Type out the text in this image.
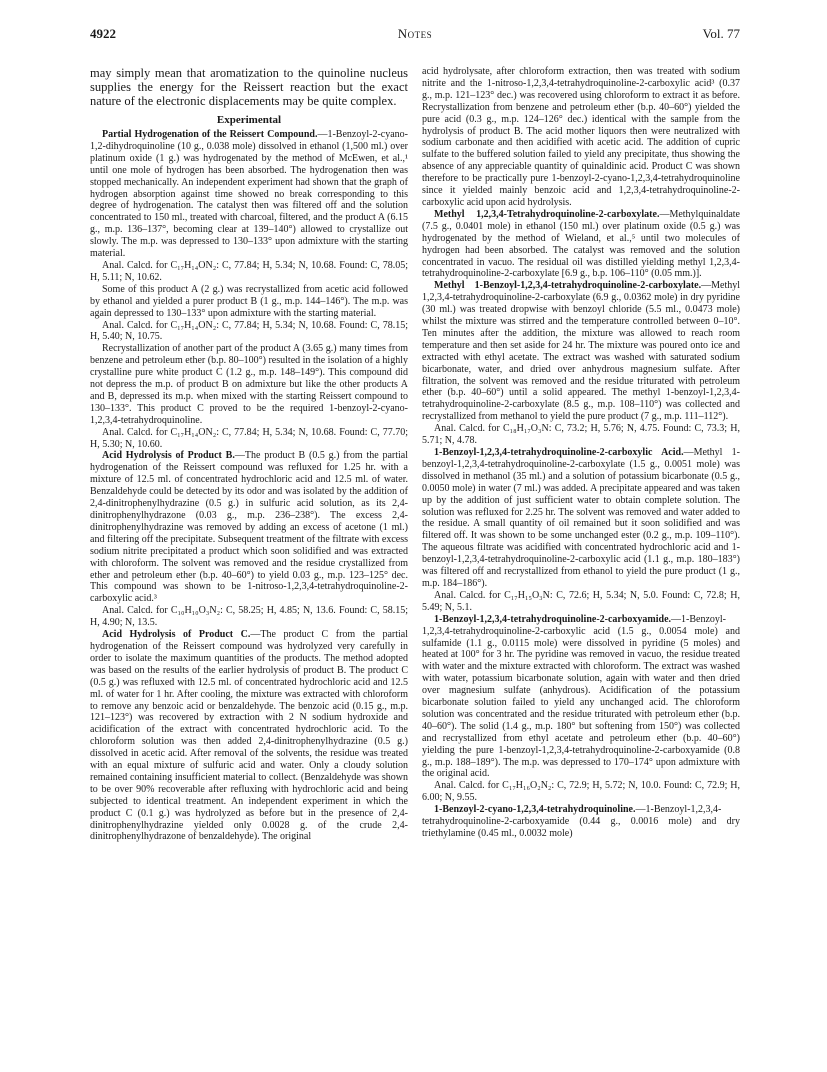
4922	Notes	Vol. 77

may simply mean that aromatization to the quinoline nucleus supplies the energy for the Reissert reaction but the exact nature of the electronic displacements may be quite complex.

Experimental

Partial Hydrogenation of the Reissert Compound.—1-Benzoyl-2-cyano-1,2-dihydroquinoline (10 g., 0.038 mole) dissolved in ethanol (1,500 ml.) over platinum oxide (1 g.) was hydrogenated by the method of McEwen, et al.,¹ until one mole of hydrogen has been absorbed. The hydrogenation then was stopped mechanically. An independent experiment had shown that the graph of hydrogen absorption against time showed no break corresponding to this degree of hydrogenation. The catalyst then was filtered off and the solution concentrated to 150 ml., treated with charcoal, filtered, and the product A (6.15 g., m.p. 136–137°, becoming clear at 139–140°) allowed to crystallize out slowly. The m.p. was depressed to 130–133° upon admixture with the starting material.

Anal. Calcd. for C₁₇H₁₄ON₂: C, 77.84; H, 5.34; N, 10.68. Found: C, 78.05; H, 5.11; N, 10.62.

Some of this product A (2 g.) was recrystallized from acetic acid followed by ethanol and yielded a purer product B (1 g., m.p. 144–146°). The m.p. was again depressed to 130–133° upon admixture with the starting material.

Anal. Calcd. for C₁₇H₁₄ON₂: C, 77.84; H, 5.34; N, 10.68. Found: C, 78.15; H, 5.40; N, 10.75.

Recrystallization of another part of the product A (3.65 g.) many times from benzene and petroleum ether (b.p. 80–100°) resulted in the isolation of a highly crystalline pure white product C (1.2 g., m.p. 148–149°). This compound did not depress the m.p. of product B on admixture but like the other products A and B, depressed its m.p. when mixed with the starting Reissert compound to 130–133°. This product C proved to be the required 1-benzoyl-2-cyano-1,2,3,4-tetrahydroquinoline.

Anal. Calcd. for C₁₇H₁₄ON₂: C, 77.84; H, 5.34; N, 10.68. Found: C, 77.70; H, 5.30; N, 10.60.

Acid Hydrolysis of Product B.—The product B (0.5 g.) from the partial hydrogenation of the Reissert compound was refluxed for 1.25 hr. with a mixture of 12.5 ml. of concentrated hydrochloric acid and 12.5 ml. of water. Benzaldehyde could be detected by its odor and was isolated by the addition of 2,4-dinitrophenylhydrazine (0.5 g.) in sulfuric acid solution, as its 2,4-dinitrophenylhydrazone (0.03 g., m.p. 236–238°). The excess 2,4-dinitrophenylhydrazine was removed by adding an excess of acetone (1 ml.) and filtering off the precipitate. Subsequent treatment of the filtrate with excess sodium nitrite precipitated a product which soon solidified and was extracted with chloroform. The solvent was removed and the residue crystallized from ether and petroleum ether (b.p. 40–60°) to yield 0.03 g., m.p. 123–125° dec. This compound was shown to be 1-nitroso-1,2,3,4-tetrahydroquinoline-2-carboxylic acid.³

Anal. Calcd. for C₁₀H₁₀O₃N₂: C, 58.25; H, 4.85; N, 13.6. Found: C, 58.15; H, 4.90; N, 13.5.

Acid Hydrolysis of Product C.—The product C from the partial hydrogenation of the Reissert compound was hydrolyzed very carefully in order to isolate the maximum quantities of the products. The method adopted was based on the results of the earlier hydrolysis of product B. The product C (0.5 g.) was refluxed with 12.5 ml. of concentrated hydrochloric acid and 12.5 ml. of water for 1 hr. After cooling, the mixture was extracted with chloroform to remove any benzoic acid or benzaldehyde. The benzoic acid (0.15 g., m.p. 121–123°) was recovered by extraction with 2 N sodium hydroxide and acidification of the extract with concentrated hydrochloric acid. To the chloroform solution was then added 2,4-dinitrophenylhydrazine (0.5 g.) dissolved in acetic acid. After removal of the solvents, the residue was treated with an equal mixture of sulfuric acid and water. Only a cloudy solution remained containing insufficient material to collect. (Benzaldehyde was shown to be over 90% recoverable after refluxing with hydrochloric acid and being subjected to identical treatment. An independent experiment in which the product C (0.1 g.) was hydrolyzed as before but in the presence of 2,4-dinitrophenylhydrazine yielded only 0.0028 g. of the crude 2,4-dinitrophenylhydrazone of benzaldehyde). The original

acid hydrolysate, after chloroform extraction, then was treated with sodium nitrite and the 1-nitroso-1,2,3,4-tetrahydroquinoline-2-carboxylic acid³ (0.37 g., m.p. 121–123° dec.) was recovered using chloroform to extract it as before. Recrystallization from benzene and petroleum ether (b.p. 40–60°) yielded the pure acid (0.3 g., m.p. 124–126° dec.) identical with the sample from the hydrolysis of product B. The acid mother liquors then were neutralized with sodium carbonate and then acidified with acetic acid. The addition of cupric sulfate to the buffered solution failed to yield any precipitate, thus showing the absence of any appreciable quantity of quinaldinic acid. Product C was shown therefore to be practically pure 1-benzoyl-2-cyano-1,2,3,4-tetrahydroquinoline since it yielded mainly benzoic acid and 1,2,3,4-tetrahydroquinoline-2-carboxylic acid upon acid hydrolysis.

Methyl 1,2,3,4-Tetrahydroquinoline-2-carboxylate.—Methylquinaldate (7.5 g., 0.0401 mole) in ethanol (150 ml.) over platinum oxide (0.5 g.) was hydrogenated by the method of Wieland, et al.,⁵ until two molecules of hydrogen had been absorbed. The catalyst was removed and the solution concentrated in vacuo. The residual oil was distilled yielding methyl 1,2,3,4-tetrahydroquinoline-2-carboxylate [6.9 g., b.p. 106–110° (0.05 mm.)].

Methyl 1-Benzoyl-1,2,3,4-tetrahydroquinoline-2-carboxylate.—Methyl 1,2,3,4-tetrahydroquinoline-2-carboxylate (6.9 g., 0.0362 mole) in dry pyridine (30 ml.) was treated dropwise with benzoyl chloride (5.5 ml., 0.0473 mole) whilst the mixture was stirred and the temperature controlled between 0–10°. Ten minutes after the addition, the mixture was allowed to reach room temperature and then set aside for 24 hr. The mixture was poured onto ice and extracted with ethyl acetate. The extract was washed with saturated sodium bicarbonate, water, and dried over anhydrous magnesium sulfate. After filtration, the solvent was removed and the residue triturated with petroleum ether (b.p. 40–60°) until a solid appeared. The methyl 1-benzoyl-1,2,3,4-tetrahydroquinoline-2-carboxylate (8.5 g., m.p. 108–110°) was collected and recrystallized from methanol to yield the pure product (7 g., m.p. 111–112°).

Anal. Calcd. for C₁₈H₁₇O₃N: C, 73.2; H, 5.76; N, 4.75. Found: C, 73.3; H, 5.71; N, 4.78.

1-Benzoyl-1,2,3,4-tetrahydroquinoline-2-carboxylic Acid.—Methyl 1-benzoyl-1,2,3,4-tetrahydroquinoline-2-carboxylate (1.5 g., 0.0051 mole) was dissolved in methanol (35 ml.) and a solution of potassium bicarbonate (0.5 g., 0.0050 mole) in water (7 ml.) was added. A precipitate appeared and was taken up by the addition of just sufficient water to obtain complete solution. The solution was refluxed for 2.25 hr. The solvent was removed and water added to the residue. A small quantity of oil remained but it soon solidified and was filtered off. It was shown to be some unchanged ester (0.2 g., m.p. 109–110°). The aqueous filtrate was acidified with concentrated hydrochloric acid and 1-benzoyl-1,2,3,4-tetrahydroquinoline-2-carboxylic acid (1.1 g., m.p. 180–183°) was filtered off and recrystallized from ethanol to yield the pure product (1 g., m.p. 184–186°).

Anal. Calcd. for C₁₇H₁₅O₃N: C, 72.6; H, 5.34; N, 5.0. Found: C, 72.8; H, 5.49; N, 5.1.

1-Benzoyl-1,2,3,4-tetrahydroquinoline-2-carboxyamide.—1-Benzoyl-1,2,3,4-tetrahydroquinoline-2-carboxylic acid (1.5 g., 0.0054 mole) and sulfamide (1.1 g., 0.0115 mole) were dissolved in pyridine (5 moles) and heated at 100° for 3 hr. The pyridine was removed in vacuo, the residue treated with water and the mixture extracted with chloroform. The extract was washed with water, potassium bicarbonate solution, again with water and then dried over magnesium sulfate (anhydrous). Acidification of the potassium bicarbonate solution failed to yield any unchanged acid. The chloroform solution was concentrated and the residue triturated with petroleum ether (b.p. 40–60°). The solid (1.4 g., m.p. 180° but softening from 150°) was collected and recrystallized from ethyl acetate and petroleum ether (b.p. 40–60°) yielding the pure 1-benzoyl-1,2,3,4-tetrahydroquinoline-2-carboxyamide (0.8 g., m.p. 188–189°). The m.p. was depressed to 170–174° upon admixture with the original acid.

Anal. Calcd. for C₁₇H₁₆O₂N₂: C, 72.9; H, 5.72; N, 10.0. Found: C, 72.9; H, 6.00; N, 9.55.

1-Benzoyl-2-cyano-1,2,3,4-tetrahydroquinoline.—1-Benzoyl-1,2,3,4-tetrahydroquinoline-2-carboxyamide (0.44 g., 0.0016 mole) and dry triethylamine (0.45 ml., 0.0032 mole)
